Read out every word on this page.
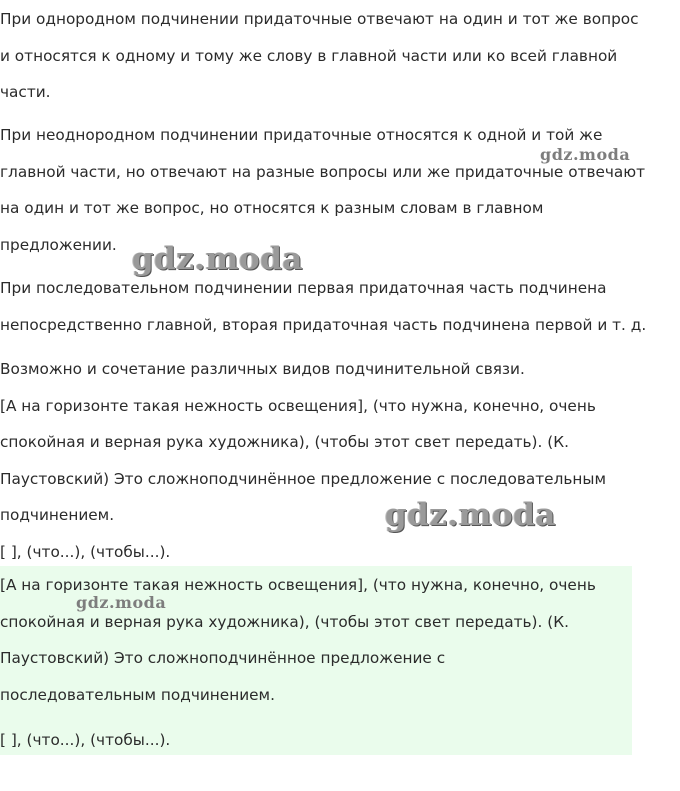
При однородном подчинении придаточные отвечают на один и тот же вопрос
и относятся к одному и тому же слову в главной части или ко всей главной
части.
При неоднородном подчинении придаточные относятся к одной и той же
главной части, но отвечают на разные вопросы или же придаточные отвечают
на один и тот же вопрос, но относятся к разным словам в главном
предложении.
При последовательном подчинении первая придаточная часть подчинена
непосредственно главной, вторая придаточная часть подчинена первой и т. д.
Возможно и сочетание различных видов подчинительной связи.
[А на горизонте такая нежность освещения], (что нужна, конечно, очень
спокойная и верная рука художника), (чтобы этот свет передать). (К.
Паустовский) Это сложноподчинённое предложение с последовательным
подчинением.
[ ], (что...), (чтобы...).
[А на горизонте такая нежность освещения], (что нужна, конечно, очень
спокойная и верная рука художника), (чтобы этот свет передать). (К.
Паустовский) Это сложноподчинённое предложение с
последовательным подчинением.
[ ], (что...), (чтобы...).
gdz.moda
gdz.moda
gdz.moda
gdz.moda
